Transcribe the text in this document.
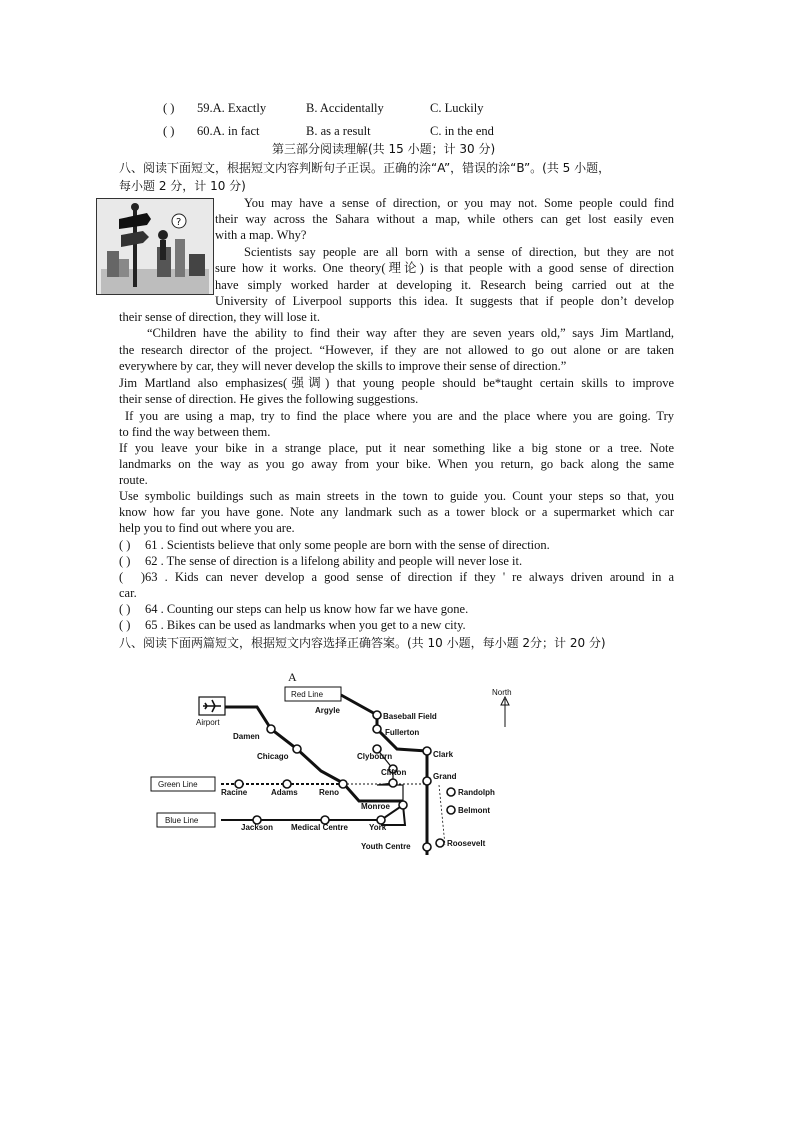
( ) 59.A. Exactly	B. Accidentally	C. Luckily
( ) 60.A. in fact	B. as a result	C. in the end
第三部分阅读理解(共 15 小题；计 30 分)
八、阅读下面短文，根据短文内容判断句子正误。正确的涂“A”，错误的涂“B”。(共 5 小题，
每小题 2 分，计 10 分)
?
You may have a sense of direction, or you may not. Some people could find
their way across the Sahara without a map, while others can get lost easily even
with a map. Why?
Scientists say people are all born with a sense of direction, but they are not
sure how it works. One theory(理论) is that people with a good sense of direction
have simply worked harder at developing it. Research being carried out at the
University of Liverpool supports this idea. It suggests that if people don’t develop
their sense of direction, they will lose it.
“Children have the ability to find their way after they are seven years old,” says Jim Martland,
the research director of the project. “However, if they are not allowed to go out alone or are taken
everywhere by car, they will never develop the skills to improve their sense of direction.”
Jim Martland also emphasizes(强调) that young people should be*taught certain skills to improve
their sense of direction. He gives the following suggestions.
If you are using a map, try to find the place where you are and the place where you are going. Try
to find the way between them.
If you leave your bike in a strange place, put it near something like a big stone or a tree. Note
landmarks on the way as you go away from your bike. When you return, go back along the same
route.
Use symbolic buildings such as main streets in the town to guide you. Count your steps so that, you
know how far you have gone. Note any landmark such as a tower block or a supermarket which car
help you to find out where you are.
( ) 61 . Scientists believe that only some people are born with the sense of direction.
( ) 62 . The sense of direction is a lifelong ability and people will never lose it.
( )63 . Kids can never develop a good sense of direction if they ' re always driven around in a
car.
( ) 64 . Counting our steps can help us know how far we have gone.
( ) 65 . Bikes can be used as landmarks when you get to a new city.
八、阅读下面两篇短文，根据短文内容选择正确答案。(共 10 小题，每小题 2分；计 20 分)
A
North
Red Line
Green Line
Blue Line
Airport
Argyle
Baseball Field
Fullerton
Damen
Chicago	Clybourn	Clark
Clifton	Grand
Racine	Adams	Reno	Randolph
Belmont
Monroe
Jackson Medical Centre	York
Youth Centre	Roosevelt
